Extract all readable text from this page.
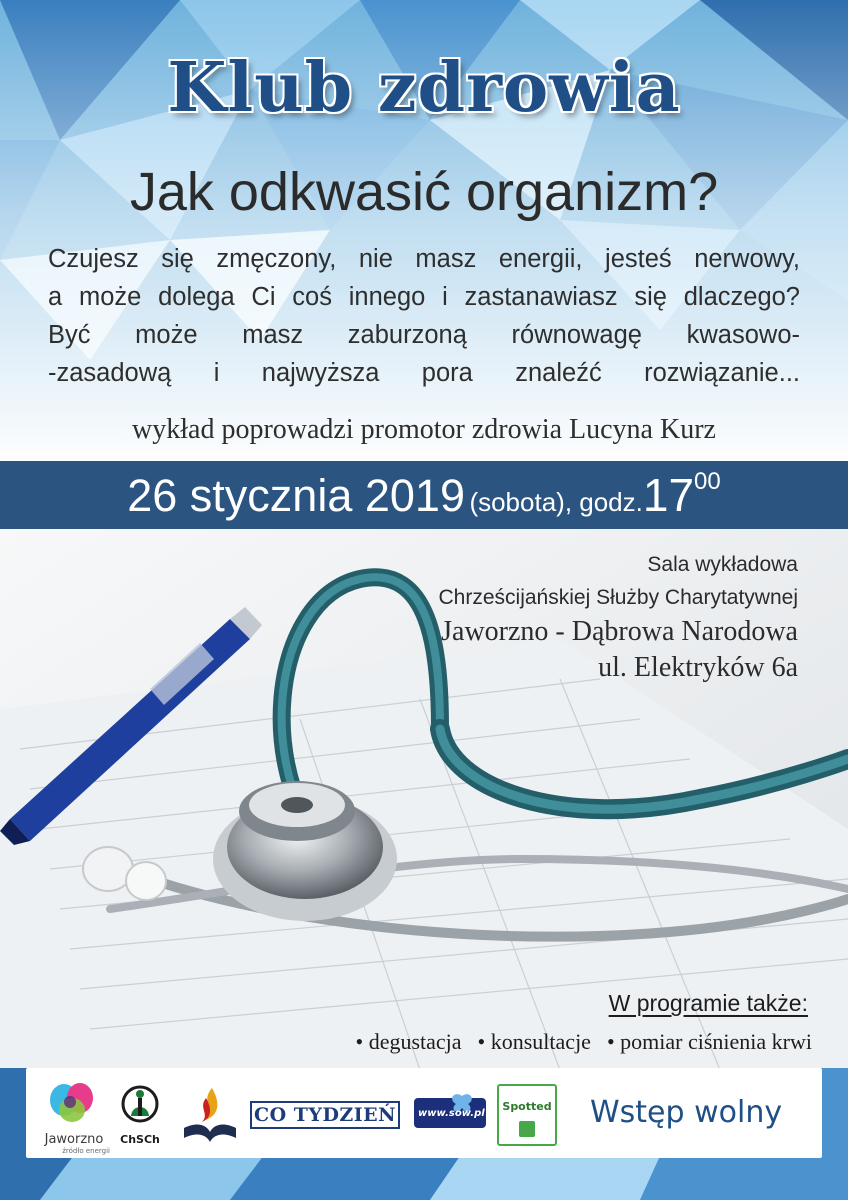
Klub zdrowia
Jak odkwasić organizm?

Czujesz się zmęczony, nie masz energii, jesteś nerwowy,

a może dolega Ci coś innego i zastanawiasz się dlaczego?

Być może masz zaburzoną równowagę kwasowo-

-zasadową i najwyższa pora znaleźć rozwiązanie...

wykład poprowadzi promotor zdrowia Lucyna Kurz
26 stycznia 2019 (sobota), $godz.17^{00}$
Sala wykładowa
Chrześcijańskiej Służby Charytatywnej
Jaworzno - Dąbrowa Narodowa
ul. Elektryków 6a
W programie także:
• degustacja	• konsultacje	• pomiar ciśnienia krwi
Jaworzno
źródło energii
ChSCh
CO TYDZIEŃ www.sow.pl
Spotted Wstęp wolny
